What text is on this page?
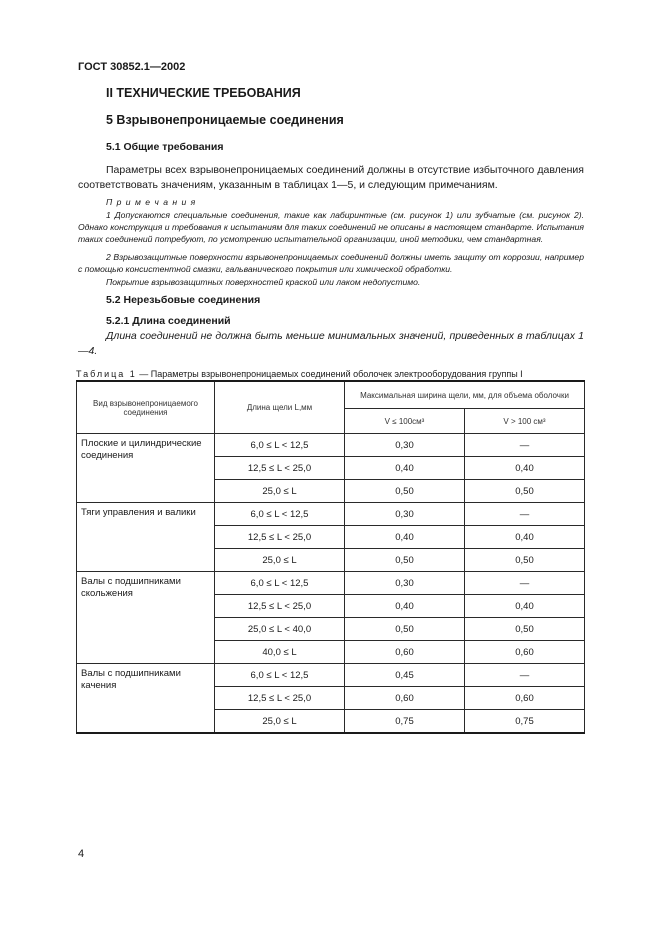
ГОСТ 30852.1—2002
II ТЕХНИЧЕСКИЕ ТРЕБОВАНИЯ
5 Взрывонепроницаемые соединения
5.1 Общие требования
Параметры всех взрывонепроницаемых соединений должны в отсутствие избыточного давления соответствовать значениям, указанным в таблицах 1—5, и следующим примечаниям.
П р и м е ч а н и я
1 Допускаются специальные соединения, такие как лабиринтные (см. рисунок 1) или зубчатые (см. рисунок 2). Однако конструкция и требования к испытаниям для таких соединений не описаны в настоящем стандарте. Испытания таких соединений потребуют, по усмотрению испытательной организации, иной методики, чем стандартная.
2 Взрывозащитные поверхности взрывонепроницаемых соединений должны иметь защиту от коррозии, например с помощью консистентной смазки, гальванического покрытия или химической обработки.
Покрытие взрывозащитных поверхностей краской или лаком недопустимо.
5.2 Нерезьбовые соединения
5.2.1 Длина соединений
Длина соединений не должна быть меньше минимальных значений, приведенных в таблицах 1—4.
Таблица 1 — Параметры взрывонепроницаемых соединений оболочек электрооборудования группы I
Вид взрывонепроницаемого соединения	Длина щели L,мм	Максимальная ширина щели, мм, для объема оболочки	
		V ≤ 100см³	V > 100 см³
Плоские и цилиндрические соединения	6,0 ≤ L < 12,5	0,30	—
	12,5 ≤ L < 25,0	0,40	0,40
	25,0 ≤ L	0,50	0,50
Тяги управления и валики	6,0 ≤ L < 12,5	0,30	—
	12,5 ≤ L < 25,0	0,40	0,40
	25,0 ≤ L	0,50	0,50
Валы с подшипниками скольжения	6,0 ≤ L < 12,5	0,30	—
	12,5 ≤ L < 25,0	0,40	0,40
	25,0 ≤ L < 40,0	0,50	0,50
	40,0 ≤ L	0,60	0,60
Валы с подшипниками качения	6,0 ≤ L < 12,5	0,45	—
	12,5 ≤ L < 25,0	0,60	0,60
	25,0 ≤ L	0,75	0,75
4
